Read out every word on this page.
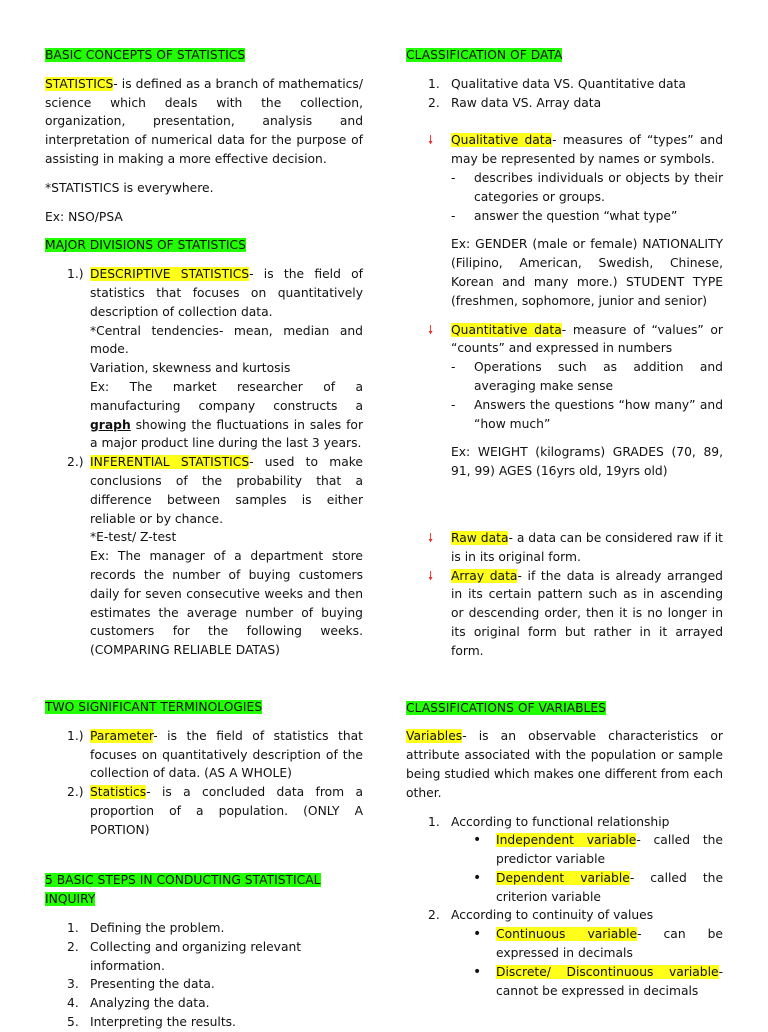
BASIC CONCEPTS OF STATISTICS

STATISTICS- is defined as a branch of mathematics/ science which deals with the collection, organization, presentation, analysis and interpretation of numerical data for the purpose of assisting in making a more effective decision.

*STATISTICS is everywhere.

Ex: NSO/PSA

MAJOR DIVISIONS OF STATISTICS

1.) DESCRIPTIVE STATISTICS- is the field of statistics that focuses on quantitatively description of collection data.

*Central tendencies- mean, median and mode.

Variation, skewness and kurtosis

Ex: The market researcher of a manufacturing company constructs a graph showing the fluctuations in sales for a major product line during the last 3 years.

2.) INFERENTIAL STATISTICS- used to make conclusions of the probability that a difference between samples is either reliable or by chance.

*E-test/ Z-test

Ex: The manager of a department store records the number of buying customers daily for seven consecutive weeks and then estimates the average number of buying customers for the following weeks. (COMPARING RELIABLE DATAS)

TWO SIGNIFICANT TERMINOLOGIES

1.) Parameter- is the field of statistics that focuses on quantitatively description of the collection of data. (AS A WHOLE)

2.) Statistics- is a concluded data from a proportion of a population. (ONLY A PORTION)

5 BASIC STEPS IN CONDUCTING STATISTICAL INQUIRY

1. Defining the problem.
2. Collecting and organizing relevant information.
3. Presenting the data.
4. Analyzing the data.
5. Interpreting the results.

CLASSIFICATION OF DATA

1. Qualitative data VS. Quantitative data
2. Raw data VS. Array data
🠗 Qualitative data- measures of “types” and may be represented by names or symbols.

- describes individuals or objects by their categories or groups.

- answer the question “what type”

Ex: GENDER (male or female) NATIONALITY (Filipino, American, Swedish, Chinese, Korean and many more.) STUDENT TYPE (freshmen, sophomore, junior and senior)

🠗 Quantitative data- measure of “values” or “counts” and expressed in numbers

- Operations such as addition and averaging make sense

- Answers the questions “how many” and “how much”

Ex: WEIGHT (kilograms) GRADES (70, 89, 91, 99) AGES (16yrs old, 19yrs old)

🠗 Raw data- a data can be considered raw if it is in its original form.

🠗 Array data- if the data is already arranged in its certain pattern such as in ascending or descending order, then it is no longer in its original form but rather in it arrayed form.

CLASSIFICATIONS OF VARIABLES

Variables- is an observable characteristics or attribute associated with the population or sample being studied which makes one different from each other.

1. According to functional relationship

• Independent variable- called the predictor variable

• Dependent variable- called the criterion variable

2. According to continuity of values

• Continuous variable- can be expressed in decimals

• Discrete/ Discontinuous variable- cannot be expressed in decimals
